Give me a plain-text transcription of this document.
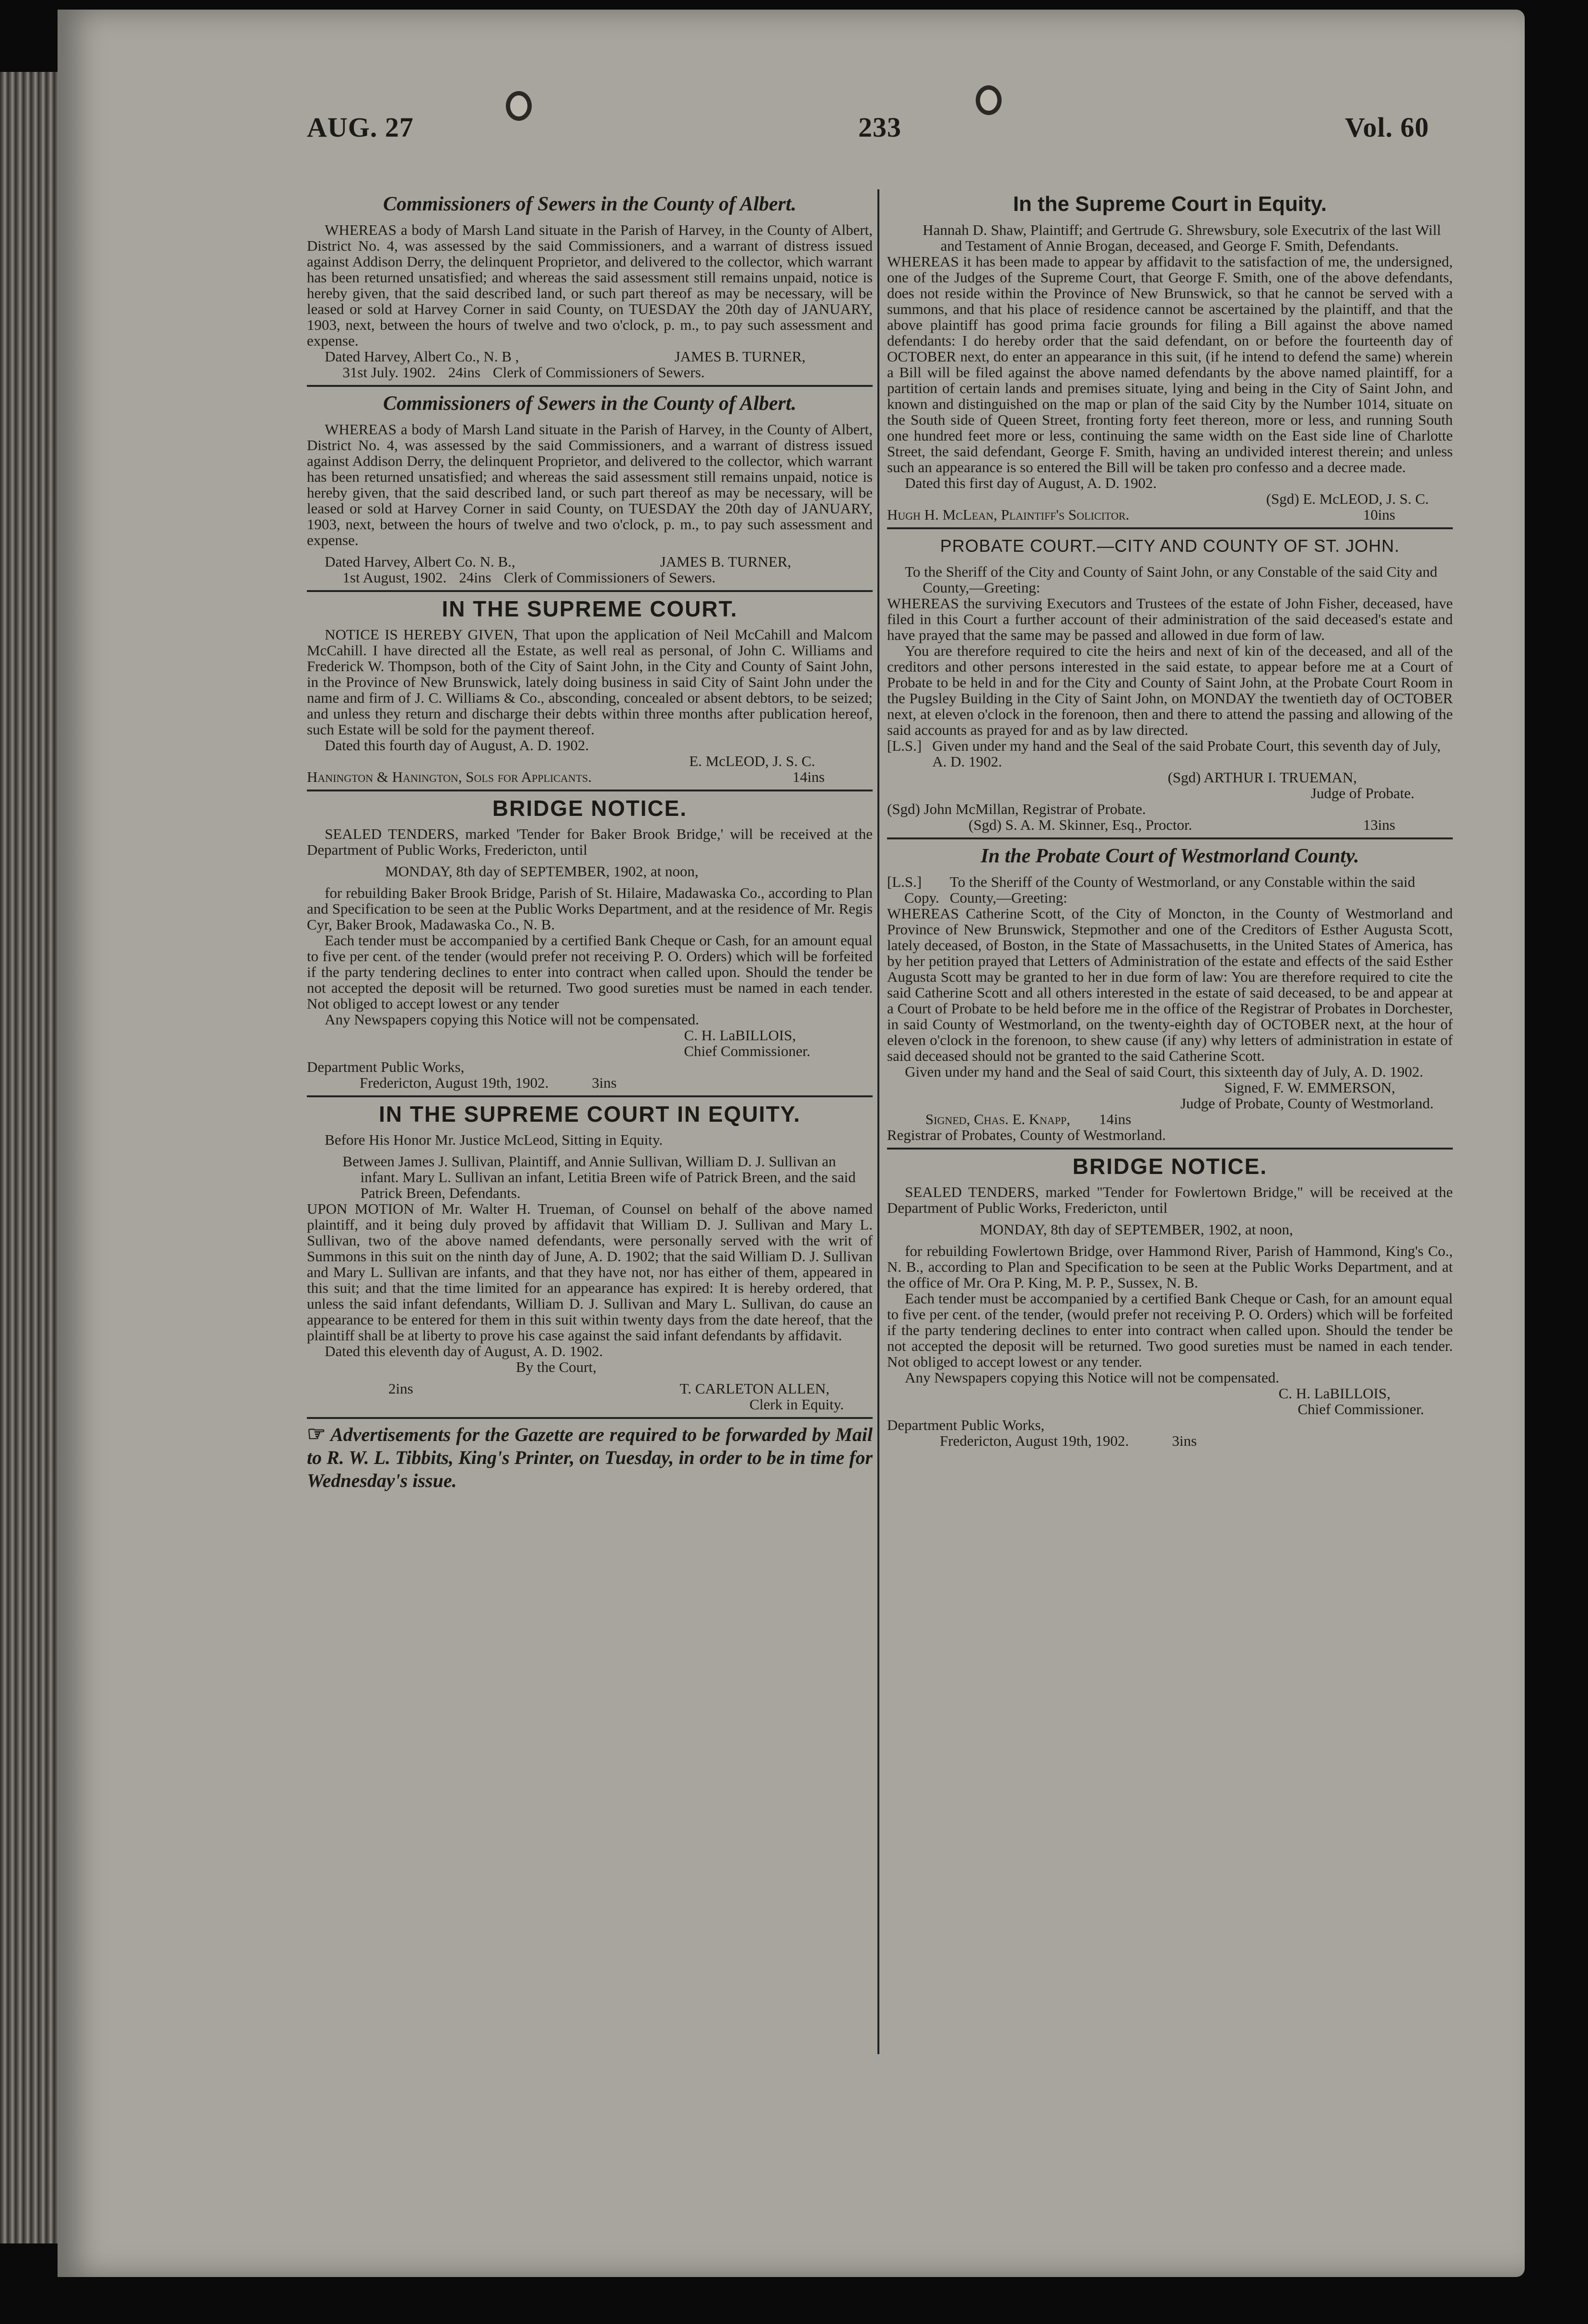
AUG. 27	233	Vol. 60
Commissioners of Sewers in the County of Albert.

WHEREAS a body of Marsh Land situate in the Parish of Harvey, in the County of Albert, District No. 4, was assessed by the said Commissioners, and a warrant of distress issued against Addison Derry, the delinquent Proprietor, and delivered to the collector, which warrant has been returned unsatisfied; and whereas the said assessment still remains unpaid, notice is hereby given, that the said described land, or such part thereof as may be necessary, will be leased or sold at Harvey Corner in said County, on TUESDAY the 20th day of JANUARY, 1903, next, between the hours of twelve and two o'clock, p. m., to pay such assessment and expense.

Dated Harvey, Albert Co., N. B ,	JAMES B. TURNER,
31st July. 1902. 24ins Clerk of Commissioners of Sewers.
Commissioners of Sewers in the County of Albert.

WHEREAS a body of Marsh Land situate in the Parish of Harvey, in the County of Albert, District No. 4, was assessed by the said Commissioners, and a warrant of distress issued against Addison Derry, the delinquent Proprietor, and delivered to the collector, which warrant has been returned unsatisfied; and whereas the said assessment still remains unpaid, notice is hereby given, that the said described land, or such part thereof as may be necessary, will be leased or sold at Harvey Corner in said County, on TUESDAY the 20th day of JANUARY, 1903, next, between the hours of twelve and two o'clock, p. m., to pay such assessment and expense.

Dated Harvey, Albert Co. N. B.,	JAMES B. TURNER,
1st August, 1902. 24ins Clerk of Commissioners of Sewers.
IN THE SUPREME COURT.

NOTICE IS HEREBY GIVEN, That upon the application of Neil McCahill and Malcom McCahill. I have directed all the Estate, as well real as personal, of John C. Williams and Frederick W. Thompson, both of the City of Saint John, in the City and County of Saint John, in the Province of New Brunswick, lately doing business in said City of Saint John under the name and firm of J. C. Williams & Co., absconding, concealed or absent debtors, to be seized; and unless they return and discharge their debts within three months after publication hereof, such Estate will be sold for the payment thereof.

Dated this fourth day of August, A. D. 1902.

E. McLEOD, J. S. C.
Hanington & Hanington, Sols for Applicants.	14ins
BRIDGE NOTICE.

SEALED TENDERS, marked 'Tender for Baker Brook Bridge,' will be received at the Department of Public Works, Fredericton, until

MONDAY, 8th day of SEPTEMBER, 1902, at noon,

for rebuilding Baker Brook Bridge, Parish of St. Hilaire, Madawaska Co., according to Plan and Specification to be seen at the Public Works Department, and at the residence of Mr. Regis Cyr, Baker Brook, Madawaska Co., N. B.

Each tender must be accompanied by a certified Bank Cheque or Cash, for an amount equal to five per cent. of the tender (would prefer not receiving P. O. Orders) which will be forfeited if the party tendering declines to enter into contract when called upon. Should the tender be not accepted the deposit will be returned. Two good sureties must be named in each tender. Not obliged to accept lowest or any tender

Any Newspapers copying this Notice will not be compensated.

C. H. LaBILLOIS,
Chief Commissioner.

Department Public Works,

Fredericton, August 19th, 1902.	3ins
IN THE SUPREME COURT IN EQUITY.

Before His Honor Mr. Justice McLeod, Sitting in Equity.

Between James J. Sullivan, Plaintiff, and Annie Sullivan, William D. J. Sullivan an infant. Mary L. Sullivan an infant, Letitia Breen wife of Patrick Breen, and the said Patrick Breen, Defendants.

UPON MOTION of Mr. Walter H. Trueman, of Counsel on behalf of the above named plaintiff, and it being duly proved by affidavit that William D. J. Sullivan and Mary L. Sullivan, two of the above named defendants, were personally served with the writ of Summons in this suit on the ninth day of June, A. D. 1902; that the said William D. J. Sullivan and Mary L. Sullivan are infants, and that they have not, nor has either of them, appeared in this suit; and that the time limited for an appearance has expired: It is hereby ordered, that unless the said infant defendants, William D. J. Sullivan and Mary L. Sullivan, do cause an appearance to be entered for them in this suit within twenty days from the date hereof, that the plaintiff shall be at liberty to prove his case against the said infant defendants by affidavit.

Dated this eleventh day of August, A. D. 1902.

By the Court,
2ins	T. CARLETON ALLEN,
Clerk in Equity.

☞ Advertisements for the Gazette are required to be forwarded by Mail to R. W. L. Tibbits, King's Printer, on Tuesday, in order to be in time for Wednesday's issue.

In the Supreme Court in Equity.

Hannah D. Shaw, Plaintiff; and Gertrude G. Shrewsbury, sole Executrix of the last Will and Testament of Annie Brogan, deceased, and George F. Smith, Defendants.

WHEREAS it has been made to appear by affidavit to the satisfaction of me, the undersigned, one of the Judges of the Supreme Court, that George F. Smith, one of the above defendants, does not reside within the Province of New Brunswick, so that he cannot be served with a summons, and that his place of residence cannot be ascertained by the plaintiff, and that the above plaintiff has good prima facie grounds for filing a Bill against the above named defendants: I do hereby order that the said defendant, on or before the fourteenth day of OCTOBER next, do enter an appearance in this suit, (if he intend to defend the same) wherein a Bill will be filed against the above named defendants by the above named plaintiff, for a partition of certain lands and premises situate, lying and being in the City of Saint John, and known and distinguished on the map or plan of the said City by the Number 1014, situate on the South side of Queen Street, fronting forty feet thereon, more or less, and running South one hundred feet more or less, continuing the same width on the East side line of Charlotte Street, the said defendant, George F. Smith, having an undivided interest therein; and unless such an appearance is so entered the Bill will be taken pro confesso and a decree made.

Dated this first day of August, A. D. 1902.

(Sgd) E. McLEOD, J. S. C.
Hugh H. McLean, Plaintiff's Solicitor.	10ins
PROBATE COURT.—CITY AND COUNTY OF ST. JOHN.

To the Sheriff of the City and County of Saint John, or any Constable of the said City and County,—Greeting:

WHEREAS the surviving Executors and Trustees of the estate of John Fisher, deceased, have filed in this Court a further account of their administration of the said deceased's estate and have prayed that the same may be passed and allowed in due form of law.

You are therefore required to cite the heirs and next of kin of the deceased, and all of the creditors and other persons interested in the said estate, to appear before me at a Court of Probate to be held in and for the City and County of Saint John, at the Probate Court Room in the Pugsley Building in the City of Saint John, on MONDAY the twentieth day of OCTOBER next, at eleven o'clock in the forenoon, then and there to attend the passing and allowing of the said accounts as prayed for and as by law directed.

[L.S.] Given under my hand and the Seal of the said Probate Court, this seventh day of July, A. D. 1902.
(Sgd) ARTHUR I. TRUEMAN,
Judge of Probate.

(Sgd) John McMillan, Registrar of Probate.

(Sgd) S. A. M. Skinner, Esq., Proctor.	13ins
In the Probate Court of Westmorland County.
[L.S.]
Copy.
To the Sheriff of the County of Westmorland, or any Constable within the said County,—Greeting:

WHEREAS Catherine Scott, of the City of Moncton, in the County of Westmorland and Province of New Brunswick, Stepmother and one of the Creditors of Esther Augusta Scott, lately deceased, of Boston, in the State of Massachusetts, in the United States of America, has by her petition prayed that Letters of Administration of the estate and effects of the said Esther Augusta Scott may be granted to her in due form of law: You are therefore required to cite the said Catherine Scott and all others interested in the estate of said deceased, to be and appear at a Court of Probate to be held before me in the office of the Registrar of Probates in Dorchester, in said County of Westmorland, on the twenty-eighth day of OCTOBER next, at the hour of eleven o'clock in the forenoon, to shew cause (if any) why letters of administration in estate of said deceased should not be granted to the said Catherine Scott.

Given under my hand and the Seal of said Court, this sixteenth day of July, A. D. 1902.

Signed, F. W. EMMERSON,
Judge of Probate, County of Westmorland.
Signed, Chas. E. Knapp, 14ins

Registrar of Probates, County of Westmorland.

BRIDGE NOTICE.

SEALED TENDERS, marked "Tender for Fowlertown Bridge," will be received at the Department of Public Works, Fredericton, until

MONDAY, 8th day of SEPTEMBER, 1902, at noon,

for rebuilding Fowlertown Bridge, over Hammond River, Parish of Hammond, King's Co., N. B., according to Plan and Specification to be seen at the Public Works Department, and at the office of Mr. Ora P. King, M. P. P., Sussex, N. B.

Each tender must be accompanied by a certified Bank Cheque or Cash, for an amount equal to five per cent. of the tender, (would prefer not receiving P. O. Orders) which will be forfeited if the party tendering declines to enter into contract when called upon. Should the tender be not accepted the deposit will be returned. Two good sureties must be named in each tender. Not obliged to accept lowest or any tender.

Any Newspapers copying this Notice will not be compensated.

C. H. LaBILLOIS,
Chief Commissioner.

Department Public Works,

Fredericton, August 19th, 1902.	3ins
